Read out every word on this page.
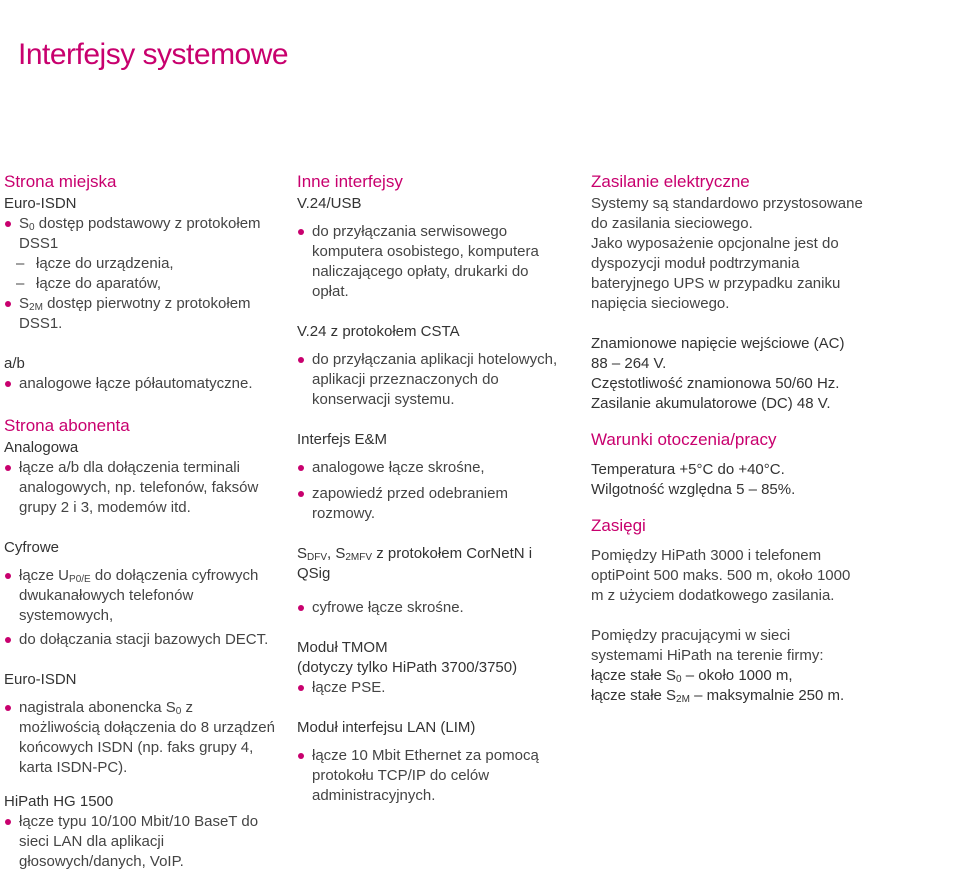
Interfejsy systemowe
Strona miejska
Euro-ISDN
$S_0$ dostęp podstawowy z protokołem DSS1
– łącze do urządzenia,
– łącze do aparatów,
$S_{2M}$ dostęp pierwotny z protokołem DSS1.
a/b
analogowe łącze półautomatyczne.
Strona abonenta
Analogowa
łącze a/b dla dołączenia terminali analogowych, np. telefonów, faksów grupy 2 i 3, modemów itd.
Cyfrowe
łącze $U_{P0/E}$ do dołączenia cyfrowych dwukanałowych telefonów systemowych,
do dołączania stacji bazowych DECT.
Euro-ISDN
nagistrala abonencka $S_0$ z możliwością dołączenia do 8 urządzeń końcowych ISDN (np. faks grupy 4, karta ISDN-PC).
HiPath HG 1500
łącze typu 10/100 Mbit/10 BaseT do sieci LAN dla aplikacji głosowych/danych, VoIP.
Inne interfejsy
V.24/USB
do przyłączania serwisowego komputera osobistego, komputera naliczającego opłaty, drukarki do opłat.
V.24 z protokołem CSTA
do przyłączania aplikacji hotelowych, aplikacji przeznaczonych do konserwacji systemu.
Interfejs E&M
analogowe łącze skrośne,
zapowiedź przed odebraniem rozmowy.
$S_{DFV}$, $S_{2MFV}$ z protokołem CorNetN i QSig
cyfrowe łącze skrośne.
Moduł TMOM
(dotyczy tylko HiPath 3700/3750)
łącze PSE.
Moduł interfejsu LAN (LIM)
łącze 10 Mbit Ethernet za pomocą protokołu TCP/IP do celów administracyjnych.
Zasilanie elektryczne

Systemy są standardowo przystosowane do zasilania sieciowego.

Jako wyposażenie opcjonalne jest do dyspozycji moduł podtrzymania bateryjnego UPS w przypadku zaniku napięcia sieciowego.

Znamionowe napięcie wejściowe (AC)
88 – 264 V.
Częstotliwość znamionowa 50/60 Hz.
Zasilanie akumulatorowe (DC) 48 V.
Warunki otoczenia/pracy
Temperatura +5°C do +40°C.
Wilgotność względna 5 – 85%.
Zasięgi

Pomiędzy HiPath 3000 i telefonem optiPoint 500 maks. 500 m, około 1000 m z użyciem dodatkowego zasilania.

Pomiędzy pracującymi w sieci systemami HiPath na terenie firmy:

łącze stałe $S_0$ – około 1000 m,
łącze stałe $S_{2M}$ – maksymalnie 250 m.
